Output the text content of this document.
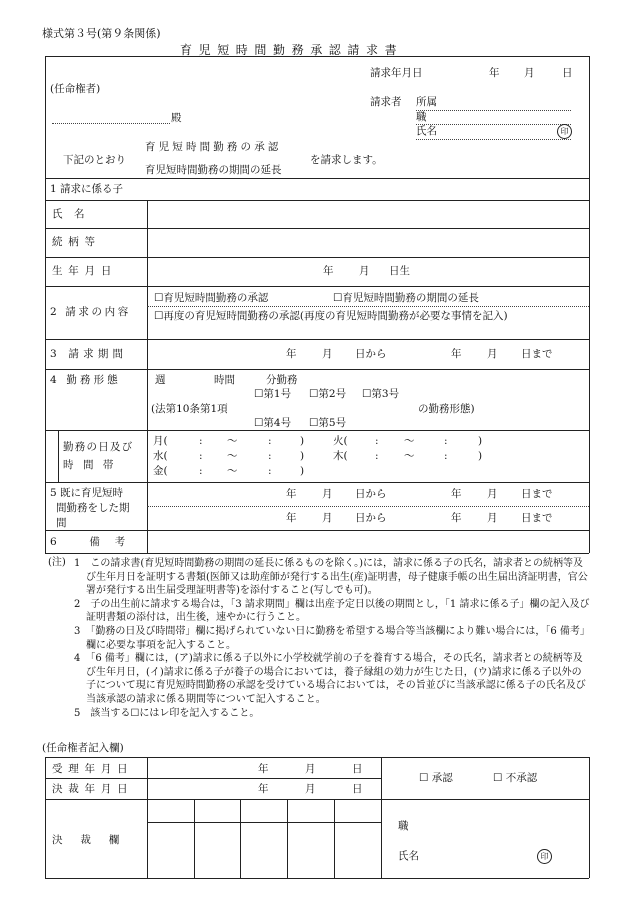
様式第３号(第９条関係)
育児短時間勤務承認請求書
(任命権者)
殿
請求年月日	年 月	日
請求者 所属
職
氏名	印
下記のとおり
育児短時間勤務の承認
育児短時間勤務の期間の延長
を請求します。
1 請求に係る子
氏名
続柄等
生年月日	年 月 日生
2 請求の内容
☐育児短時間勤務の承認	☐育児短時間勤務の期間の延長
☐再度の育児短時間勤務の承認(再度の育児短時間勤務が必要な事情を記入)
3 請求期間	年 月 日から	年 月 日まで
4 勤務形態	週	時間	分勤務
☐第1号 ☐第2号 ☐第3号
(法第10条第1項	の勤務形態)
☐第4号 ☐第5号
勤務の日及び
時間帯
月(	: 〜	:	)	火(	: 〜	:	)
水(	: 〜	:	)	木(	: 〜	:	)
金(	: 〜	:	)
5 既に育児短時
間勤務をした期
間
年 月 日から	年 月 日まで
年 月 日から	年 月 日まで
6 備考
(注) 1　 この請求書(育児短時間勤務の期間の延長に係るものを除く。)には，請求に係る子の氏名，請求者との続柄等及び生年月日を証明する書類(医師又は助産師が発行する出生(産)証明書，母子健康手帳の出生届出済証明書，官公署が発行する出生届受理証明書等)を添付すること(写しでも可)。

2　 子の出生前に請求する場合は，「3 請求期間」欄は出産予定日以後の期間とし，「1 請求に係る子」欄の記入及び証明書類の添付は，出生後，速やかに行うこと。

3　 「勤務の日及び時間帯」欄に掲げられていない日に勤務を希望する場合等当該欄により難い場合には，「6 備考」欄に必要な事項を記入すること。

4　 「6 備考」欄には，(ア)請求に係る子以外に小学校就学前の子を養育する場合，その氏名，請求者との続柄等及び生年月日，(イ)請求に係る子が養子の場合においては，養子縁組の効力が生じた日，(ウ)請求に係る子以外の子について現に育児短時間勤務の承認を受けている場合においては，その旨並びに当該承認に係る子の氏名及び当該承認の請求に係る期間等について記入すること。

5　 該当する☐にはレ印を記入すること。

(任命権者記入欄)
受理年月日	年	月	日
決裁年月日	年	月	日
☐ 承認	☐ 不承認
決裁欄
職
氏名	印
